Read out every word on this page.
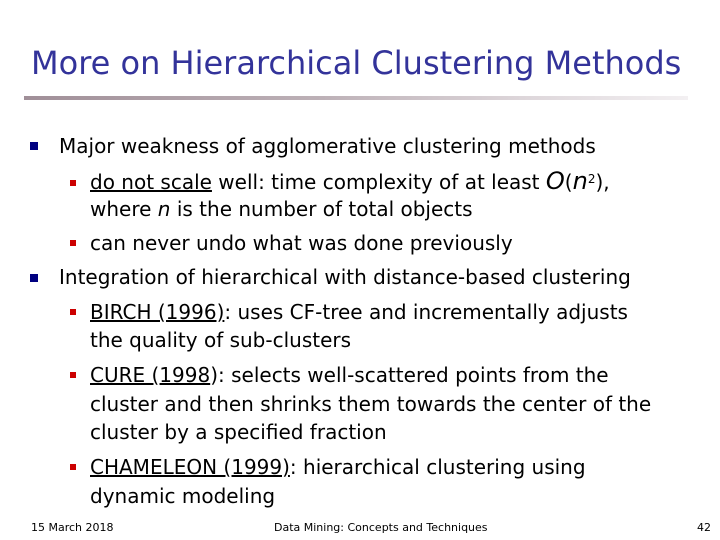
More on Hierarchical Clustering Methods
Major weakness of agglomerative clustering methods
do not scale well: time complexity of at least $O(n^2)$,
where n is the number of total objects
can never undo what was done previously
Integration of hierarchical with distance-based clustering
BIRCH (1996): uses CF-tree and incrementally adjusts
the quality of sub-clusters
CURE (1998): selects well-scattered points from the
cluster and then shrinks them towards the center of the
cluster by a specified fraction
CHAMELEON (1999): hierarchical clustering using
dynamic modeling
15 March 2018	Data Mining: Concepts and Techniques	42
